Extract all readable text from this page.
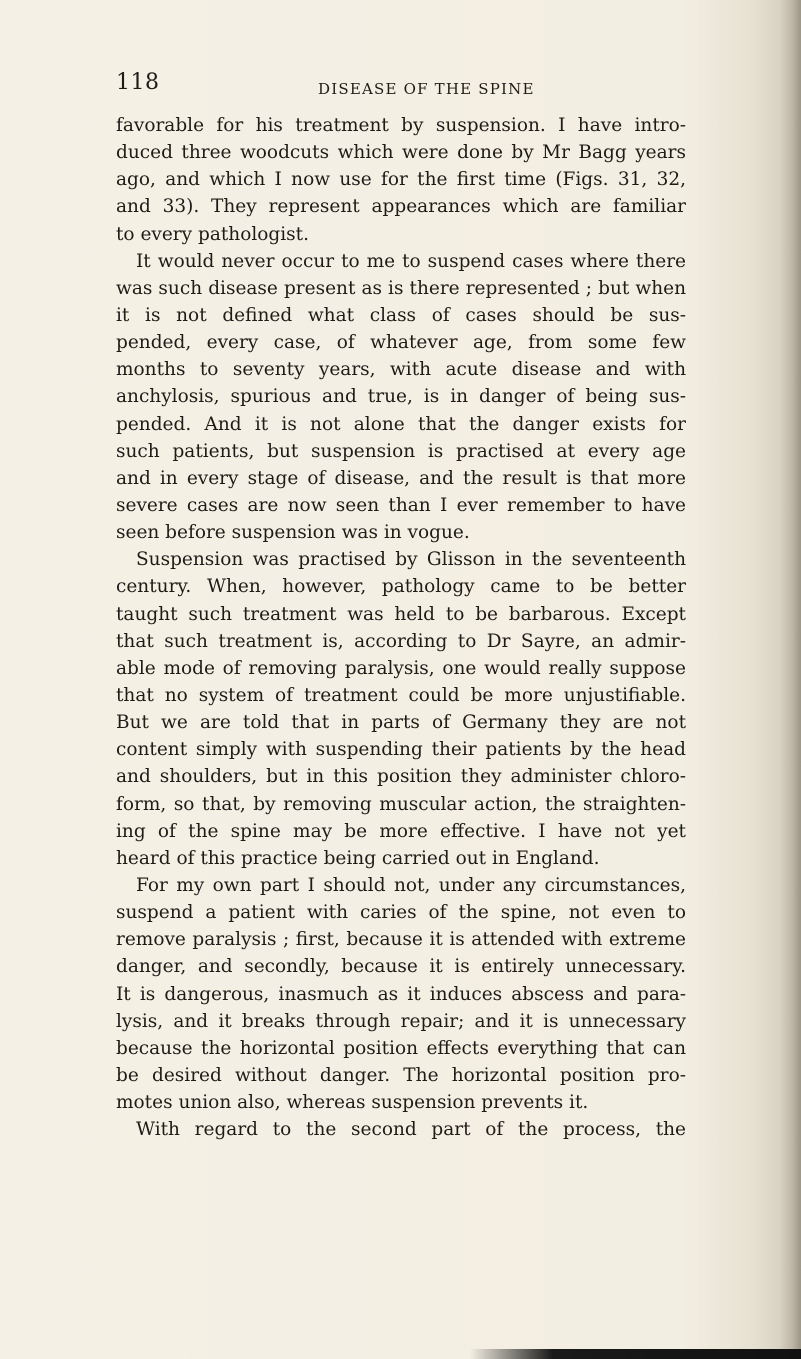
118	DISEASE OF THE SPINE
favorable for his treatment by suspension. I have intro-
duced three woodcuts which were done by Mr Bagg years
ago, and which I now use for the first time (Figs. 31, 32,
and 33). They represent appearances which are familiar
to every pathologist.
It would never occur to me to suspend cases where there
was such disease present as is there represented ; but when
it is not defined what class of cases should be sus-
pended, every case, of whatever age, from some few
months to seventy years, with acute disease and with
anchylosis, spurious and true, is in danger of being sus-
pended. And it is not alone that the danger exists for
such patients, but suspension is practised at every age
and in every stage of disease, and the result is that more
severe cases are now seen than I ever remember to have
seen before suspension was in vogue.
Suspension was practised by Glisson in the seventeenth
century. When, however, pathology came to be better
taught such treatment was held to be barbarous. Except
that such treatment is, according to Dr Sayre, an admir-
able mode of removing paralysis, one would really suppose
that no system of treatment could be more unjustifiable.
But we are told that in parts of Germany they are not
content simply with suspending their patients by the head
and shoulders, but in this position they administer chloro-
form, so that, by removing muscular action, the straighten-
ing of the spine may be more effective. I have not yet
heard of this practice being carried out in England.
For my own part I should not, under any circumstances,
suspend a patient with caries of the spine, not even to
remove paralysis ; first, because it is attended with extreme
danger, and secondly, because it is entirely unnecessary.
It is dangerous, inasmuch as it induces abscess and para-
lysis, and it breaks through repair; and it is unnecessary
because the horizontal position effects everything that can
be desired without danger. The horizontal position pro-
motes union also, whereas suspension prevents it.
With regard to the second part of the process, the
